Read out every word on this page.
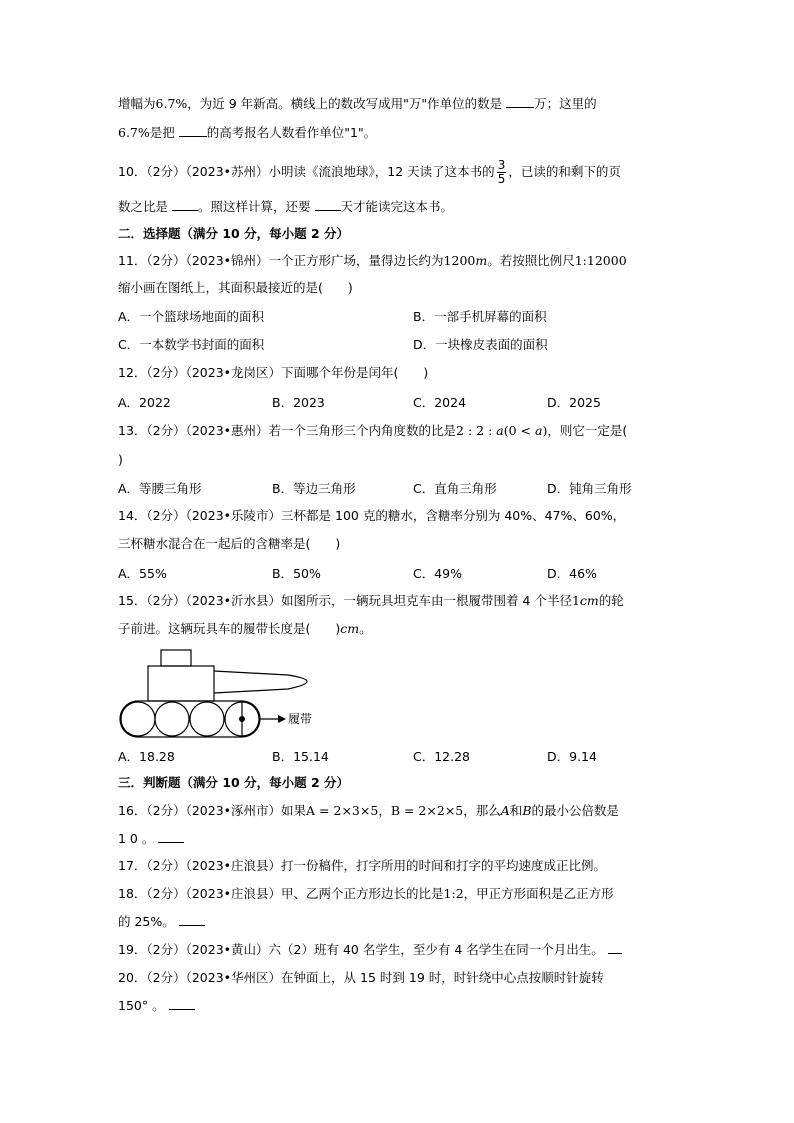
增幅为6.7%，为近 9 年新高。横线上的数改写成用"万"作单位的数是	万；这里的
6.7%是把	的高考报名人数看作单位"1"。
10．（2分）（2023•苏州）小明读《流浪地球》，12 天读了这本书的 $\frac{3}{5}$ ，已读的和剩下的页
数之比是 。照这样计算，还要 天才能读完这本书。
二．选择题（满分 10 分，每小题 2 分）
11．（2分）（2023•锦州）一个正方形广场，量得边长约为1200m。若按照比例尺1:12000
缩小画在图纸上，其面积最接近的是(　　)
A．一个篮球场地面的面积	B．一部手机屏幕的面积
C．一本数学书封面的面积	D．一块橡皮表面的面积
12．（2分）（2023•龙岗区）下面哪个年份是闰年(　　)
A．2022	B．2023	C．2024	D．2025
13．（2分）（2023•惠州）若一个三角形三个内角度数的比是2 : 2 : a(0 < a)，则它一定是(
)
A．等腰三角形	B．等边三角形	C．直角三角形	D．钝角三角形
14．（2分）（2023•乐陵市）三杯都是 100 克的糖水，含糖率分别为 40%、47%、60%，
三杯糖水混合在一起后的含糖率是(　　)
A．55%	B．50%	C．49%	D．46%
15．（2分）（2023•沂水县）如图所示，一辆玩具坦克车由一根履带围着 4 个半径1cm的轮
子前进。这辆玩具车的履带长度是(　　)cm。
履带
A．18.28	B．15.14	C．12.28	D．9.14
三．判断题（满分 10 分，每小题 2 分）
16．（2分）（2023•涿州市）如果A = 2×3×5，B = 2×2×5，那么A和B的最小公倍数是
1 0 。
17．（2分）（2023•庄浪县）打一份稿件，打字所用的时间和打字的平均速度成正比例。
18．（2分）（2023•庄浪县）甲、乙两个正方形边长的比是1:2，甲正方形面积是乙正方形
的 25%。
19．（2分）（2023•黄山）六（2）班有 40 名学生，至少有 4 名学生在同一个月出生。
20．（2分）（2023•华州区）在钟面上，从 15 时到 19 时，时针绕中心点按顺时针旋转
150° 。
